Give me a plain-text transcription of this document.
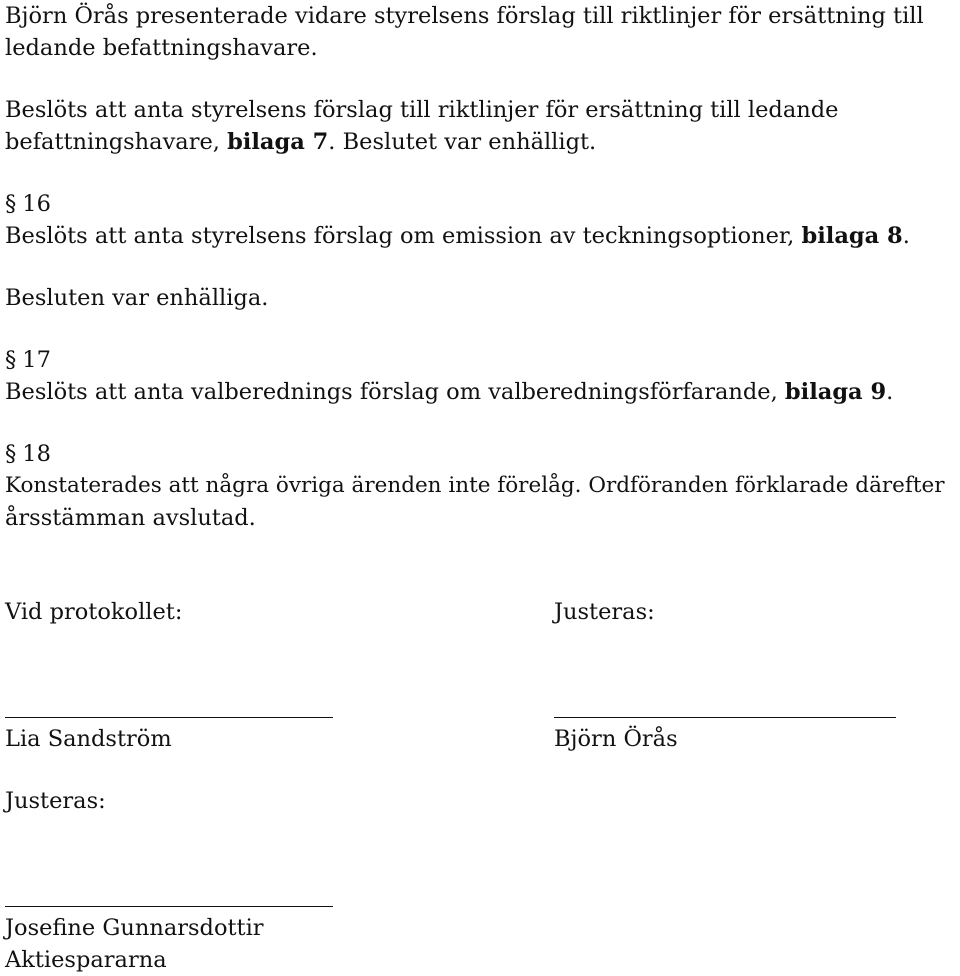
Björn Örås presenterade vidare styrelsens förslag till riktlinjer för ersättning till
ledande befattningshavare.
Beslöts att anta styrelsens förslag till riktlinjer för ersättning till ledande
befattningshavare, bilaga 7. Beslutet var enhälligt.
§ 16
Beslöts att anta styrelsens förslag om emission av teckningsoptioner, bilaga 8.
Besluten var enhälliga.
§ 17
Beslöts att anta valberednings förslag om valberedningsförfarande, bilaga 9.
§ 18
Konstaterades att några övriga ärenden inte förelåg. Ordföranden förklarade därefter
årsstämman avslutad.
Vid protokollet:	Justeras:
Lia Sandström	Björn Örås
Justeras:
Josefine Gunnarsdottir
Aktiespararna
